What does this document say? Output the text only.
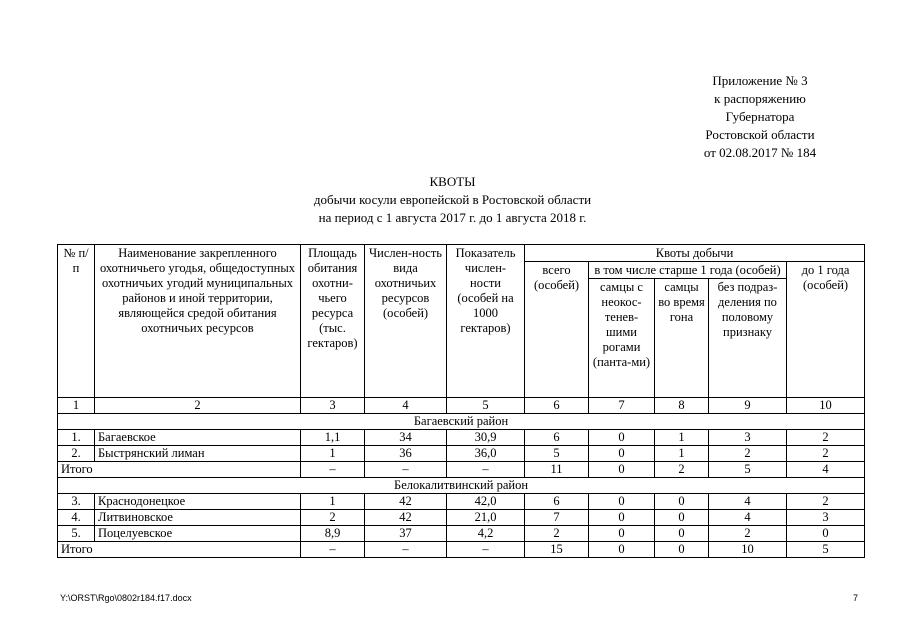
Приложение № 3
к распоряжению
Губернатора
Ростовской области
от 02.08.2017 № 184
КВОТЫ
добычи косули европейской в Ростовской области
на период с 1 августа 2017 г. до 1 августа 2018 г.
№ п/п	Наименование закрепленного охотничьего угодья, общедоступных охотничьих угодий муниципальных районов и иной территории, являющейся средой обитания охотничьих ресурсов	Площадь обитания охотни-чьего ресурса (тыс. гектаров)	Числен-ность вида охотничьих ресурсов (особей)	Показатель числен-ности (особей на 1000 гектаров)	Квоты добычи				
					всего (особей)	в том числе старше 1 года (особей)			до 1 года (особей)
						самцы с неокос-тенев-шими рогами (панта-ми)	самцы во время гона	без подраз-деления по половому признаку	
1	2	3	4	5	6	7	8	9	10
Багаевский район									
1.	Багаевское	1,1	34	30,9	6	0	1	3	2
2.	Быстрянский лиман	1	36	36,0	5	0	1	2	2
Итого		–	–	–	11	0	2	5	4
Белокалитвинский район									
3.	Краснодонецкое	1	42	42,0	6	0	0	4	2
4.	Литвиновское	2	42	21,0	7	0	0	4	3
5.	Поцелуевское	8,9	37	4,2	2	0	0	2	0
Итого		–	–	–	15	0	0	10	5
Y:\ORST\Rgo\0802r184.f17.docx	7
